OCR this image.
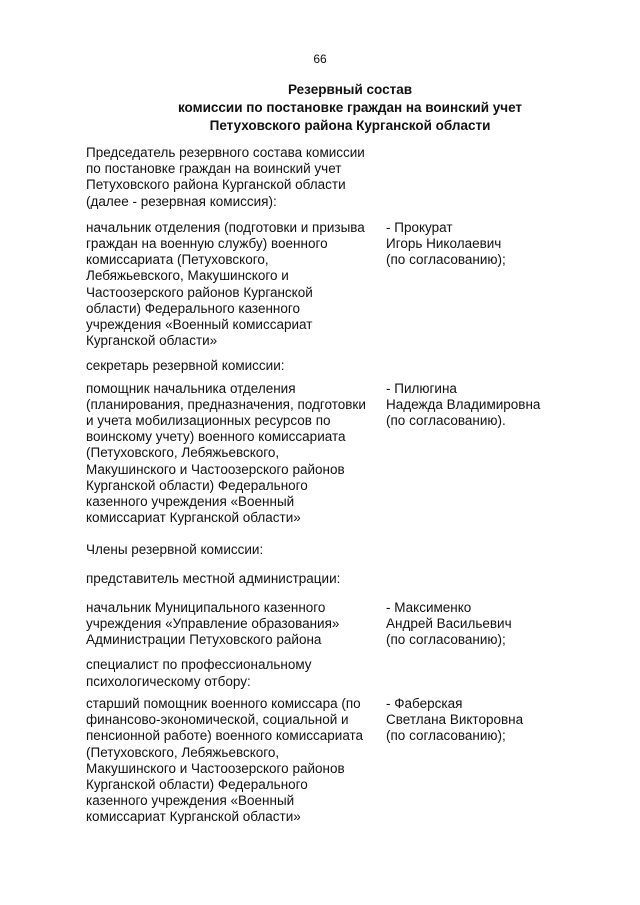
66
Резервный состав
комиссии по постановке граждан на воинский учет
Петуховского района Курганской области
Председатель резервного состава комиссии
по постановке граждан на воинский учет
Петуховского района Курганской области
(далее - резервная комиссия):
начальник отделения (подготовки и призыва
граждан на военную службу) военного
комиссариата (Петуховского,
Лебяжьевского, Макушинского и
Частоозерского районов Курганской
области) Федерального казенного
учреждения «Военный комиссариат
Курганской области»
- Прокурат
Игорь Николаевич
(по согласованию);
секретарь резервной комиссии:
помощник начальника отделения
(планирования, предназначения, подготовки
и учета мобилизационных ресурсов по
воинскому учету) военного комиссариата
(Петуховского, Лебяжьевского,
Макушинского и Частоозерского районов
Курганской области) Федерального
казенного учреждения «Военный
комиссариат Курганской области»
- Пилюгина
Надежда Владимировна
(по согласованию).
Члены резервной комиссии:
представитель местной администрации:
начальник Муниципального казенного
учреждения «Управление образования»
Администрации Петуховского района
- Максименко
Андрей Васильевич
(по согласованию);
специалист по профессиональному
психологическому отбору:
старший помощник военного комиссара (по
финансово-экономической, социальной и
пенсионной работе) военного комиссариата
(Петуховского, Лебяжьевского,
Макушинского и Частоозерского районов
Курганской области) Федерального
казенного учреждения «Военный
комиссариат Курганской области»
- Фаберская
Светлана Викторовна
(по согласованию);
